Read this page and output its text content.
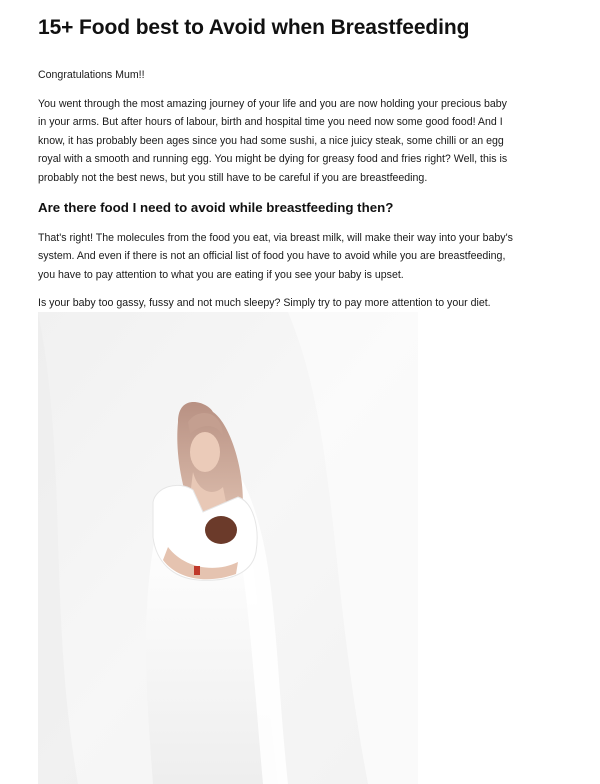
15+ Food best to Avoid when Breastfeeding

Congratulations Mum!!

You went through the most amazing journey of your life and you are now holding your precious baby in your arms. But after hours of labour, birth and hospital time you need now some good food! And I know, it has probably been ages since you had some sushi, a nice juicy steak, some chilli or an egg royal with a smooth and running egg. You might be dying for greasy food and fries right? Well, this is probably not the best news, but you still have to be careful if you are breastfeeding.

Are there food I need to avoid while breastfeeding then?

That's right! The molecules from the food you eat, via breast milk, will make their way into your baby's system. And even if there is not an official list of food you have to avoid while you are breastfeeding, you have to pay attention to what you are eating if you see your baby is upset.

Is your baby too gassy, fussy and not much sleepy? Simply try to pay more attention to your diet.
